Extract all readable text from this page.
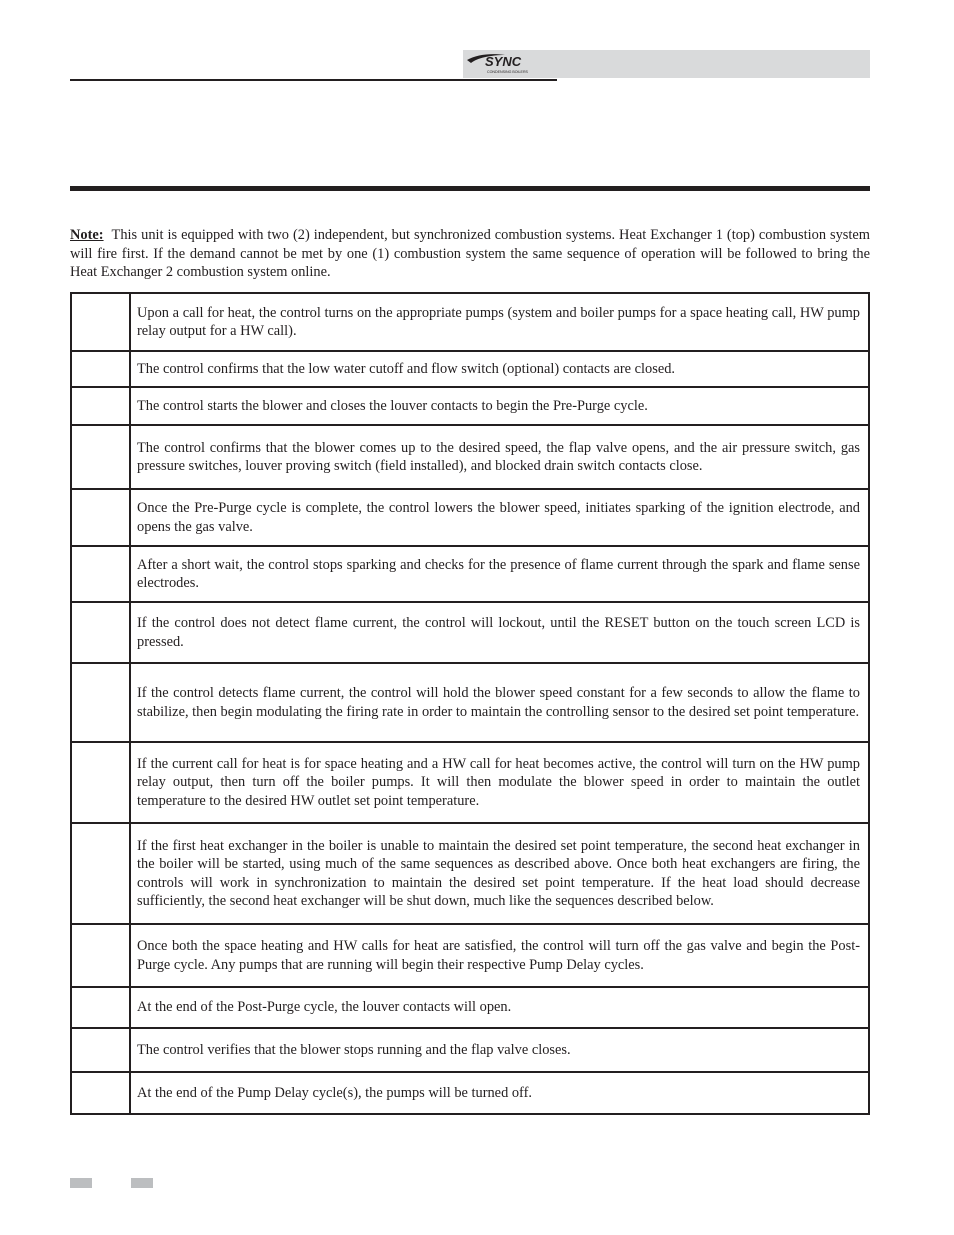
SYNC
CONDENSING BOILERS

Note: This unit is equipped with two (2) independent, but synchronized combustion systems. Heat Exchanger 1 (top) combustion system will fire first. If the demand cannot be met by one (1) combustion system the same sequence of operation will be followed to bring the Heat Exchanger 2 combustion system online.

	Upon a call for heat, the control turns on the appropriate pumps (system and boiler pumps for a space heating call, HW pump relay output for a HW call).
	The control confirms that the low water cutoff and flow switch (optional) contacts are closed.
	The control starts the blower and closes the louver contacts to begin the Pre-Purge cycle.
	The control confirms that the blower comes up to the desired speed, the flap valve opens, and the air pressure switch, gas pressure switches, louver proving switch (field installed), and blocked drain switch contacts close.
	Once the Pre-Purge cycle is complete, the control lowers the blower speed, initiates sparking of the ignition electrode, and opens the gas valve.
	After a short wait, the control stops sparking and checks for the presence of flame current through the spark and flame sense electrodes.
	If the control does not detect flame current, the control will lockout, until the RESET button on the touch screen LCD is pressed.
	If the control detects flame current, the control will hold the blower speed constant for a few seconds to allow the flame to stabilize, then begin modulating the firing rate in order to maintain the controlling sensor to the desired set point temperature.
	If the current call for heat is for space heating and a HW call for heat becomes active, the control will turn on the HW pump relay output, then turn off the boiler pumps. It will then modulate the blower speed in order to maintain the outlet temperature to the desired HW outlet set point temperature.
	If the first heat exchanger in the boiler is unable to maintain the desired set point temperature, the second heat exchanger in the boiler will be started, using much of the same sequences as described above. Once both heat exchangers are firing, the controls will work in synchronization to maintain the desired set point temperature. If the heat load should decrease sufficiently, the second heat exchanger will be shut down, much like the sequences described below.
	Once both the space heating and HW calls for heat are satisfied, the control will turn off the gas valve and begin the Post-Purge cycle. Any pumps that are running will begin their respective Pump Delay cycles.
	At the end of the Post-Purge cycle, the louver contacts will open.
	The control verifies that the blower stops running and the flap valve closes.
	At the end of the Pump Delay cycle(s), the pumps will be turned off.
